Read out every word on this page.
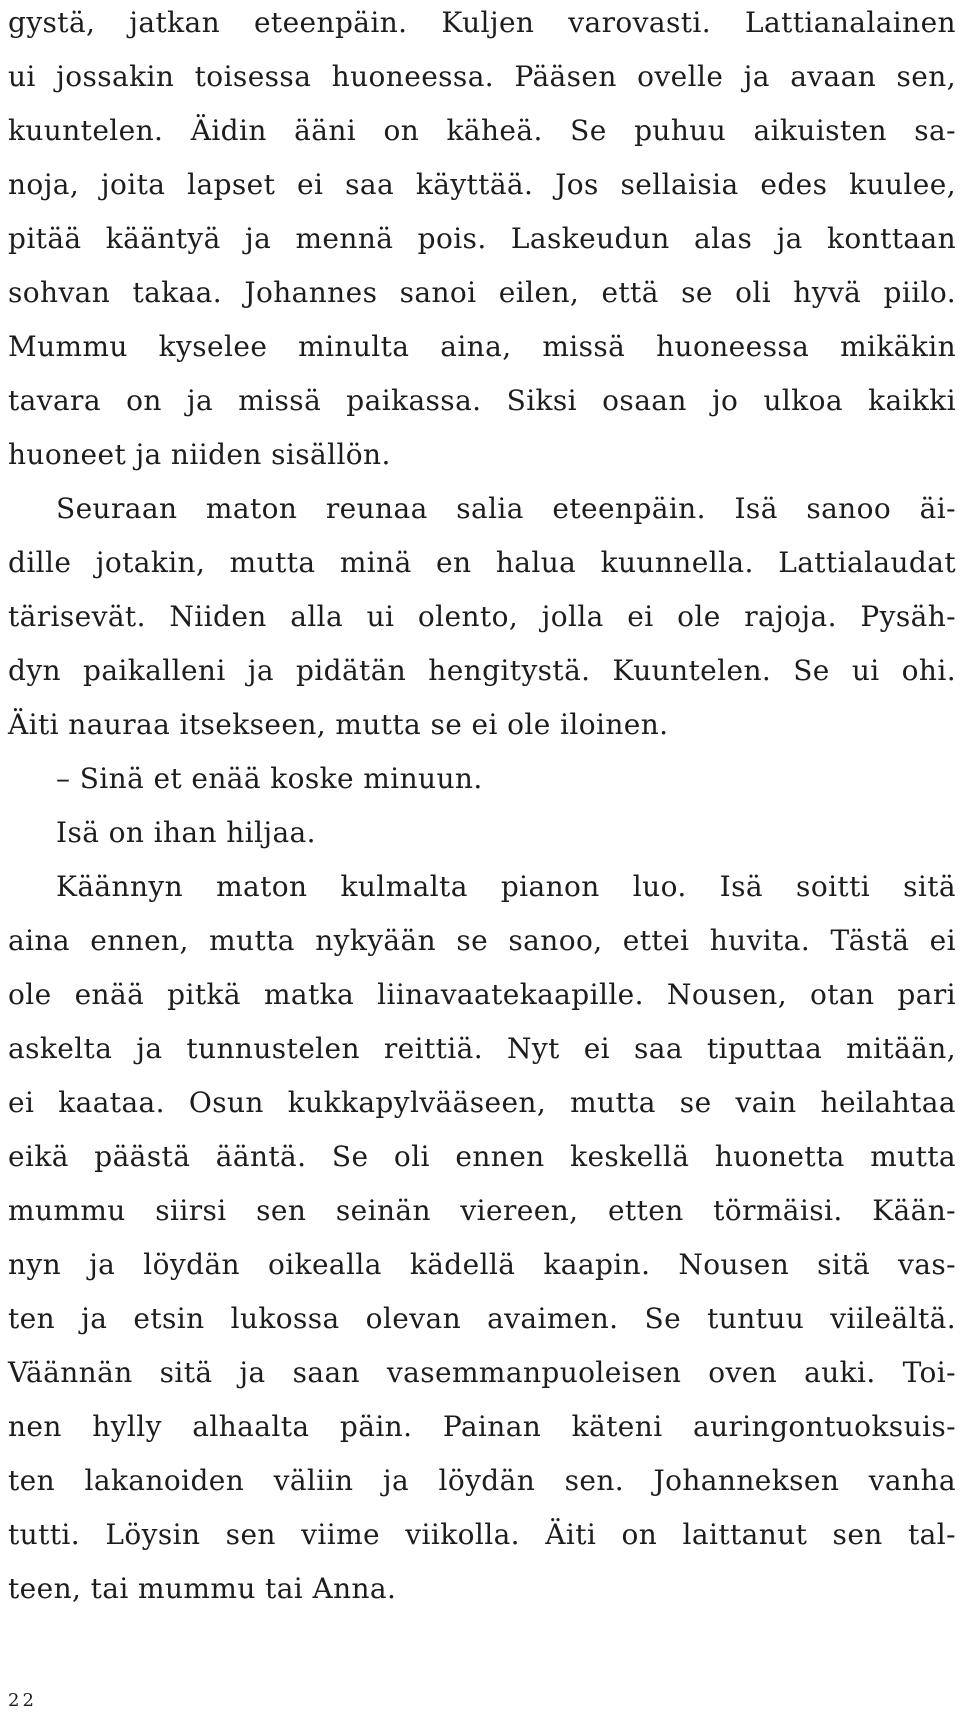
gystä, jatkan eteenpäin. Kuljen varovasti. Lattianalainen
ui jossakin toisessa huoneessa. Pääsen ovelle ja avaan sen,
kuuntelen. Äidin ääni on käheä. Se puhuu aikuisten sa-
noja, joita lapset ei saa käyttää. Jos sellaisia edes kuulee,
pitää kääntyä ja mennä pois. Laskeudun alas ja konttaan
sohvan takaa. Johannes sanoi eilen, että se oli hyvä piilo.
Mummu kyselee minulta aina, missä huoneessa mikäkin
tavara on ja missä paikassa. Siksi osaan jo ulkoa kaikki
huoneet ja niiden sisällön.
Seuraan maton reunaa salia eteenpäin. Isä sanoo äi-
dille jotakin, mutta minä en halua kuunnella. Lattialaudat
tärisevät. Niiden alla ui olento, jolla ei ole rajoja. Pysäh-
dyn paikalleni ja pidätän hengitystä. Kuuntelen. Se ui ohi.
Äiti nauraa itsekseen, mutta se ei ole iloinen.
– Sinä et enää koske minuun.
Isä on ihan hiljaa.
Käännyn maton kulmalta pianon luo. Isä soitti sitä
aina ennen, mutta nykyään se sanoo, ettei huvita. Tästä ei
ole enää pitkä matka liinavaatekaapille. Nousen, otan pari
askelta ja tunnustelen reittiä. Nyt ei saa tiputtaa mitään,
ei kaataa. Osun kukkapylvääseen, mutta se vain heilahtaa
eikä päästä ääntä. Se oli ennen keskellä huonetta mutta
mummu siirsi sen seinän viereen, etten törmäisi. Kään-
nyn ja löydän oikealla kädellä kaapin. Nousen sitä vas-
ten ja etsin lukossa olevan avaimen. Se tuntuu viileältä.
Väännän sitä ja saan vasemmanpuoleisen oven auki. Toi-
nen hylly alhaalta päin. Painan käteni auringontuoksuis-
ten lakanoiden väliin ja löydän sen. Johanneksen vanha
tutti. Löysin sen viime viikolla. Äiti on laittanut sen tal-
teen, tai mummu tai Anna.
22
